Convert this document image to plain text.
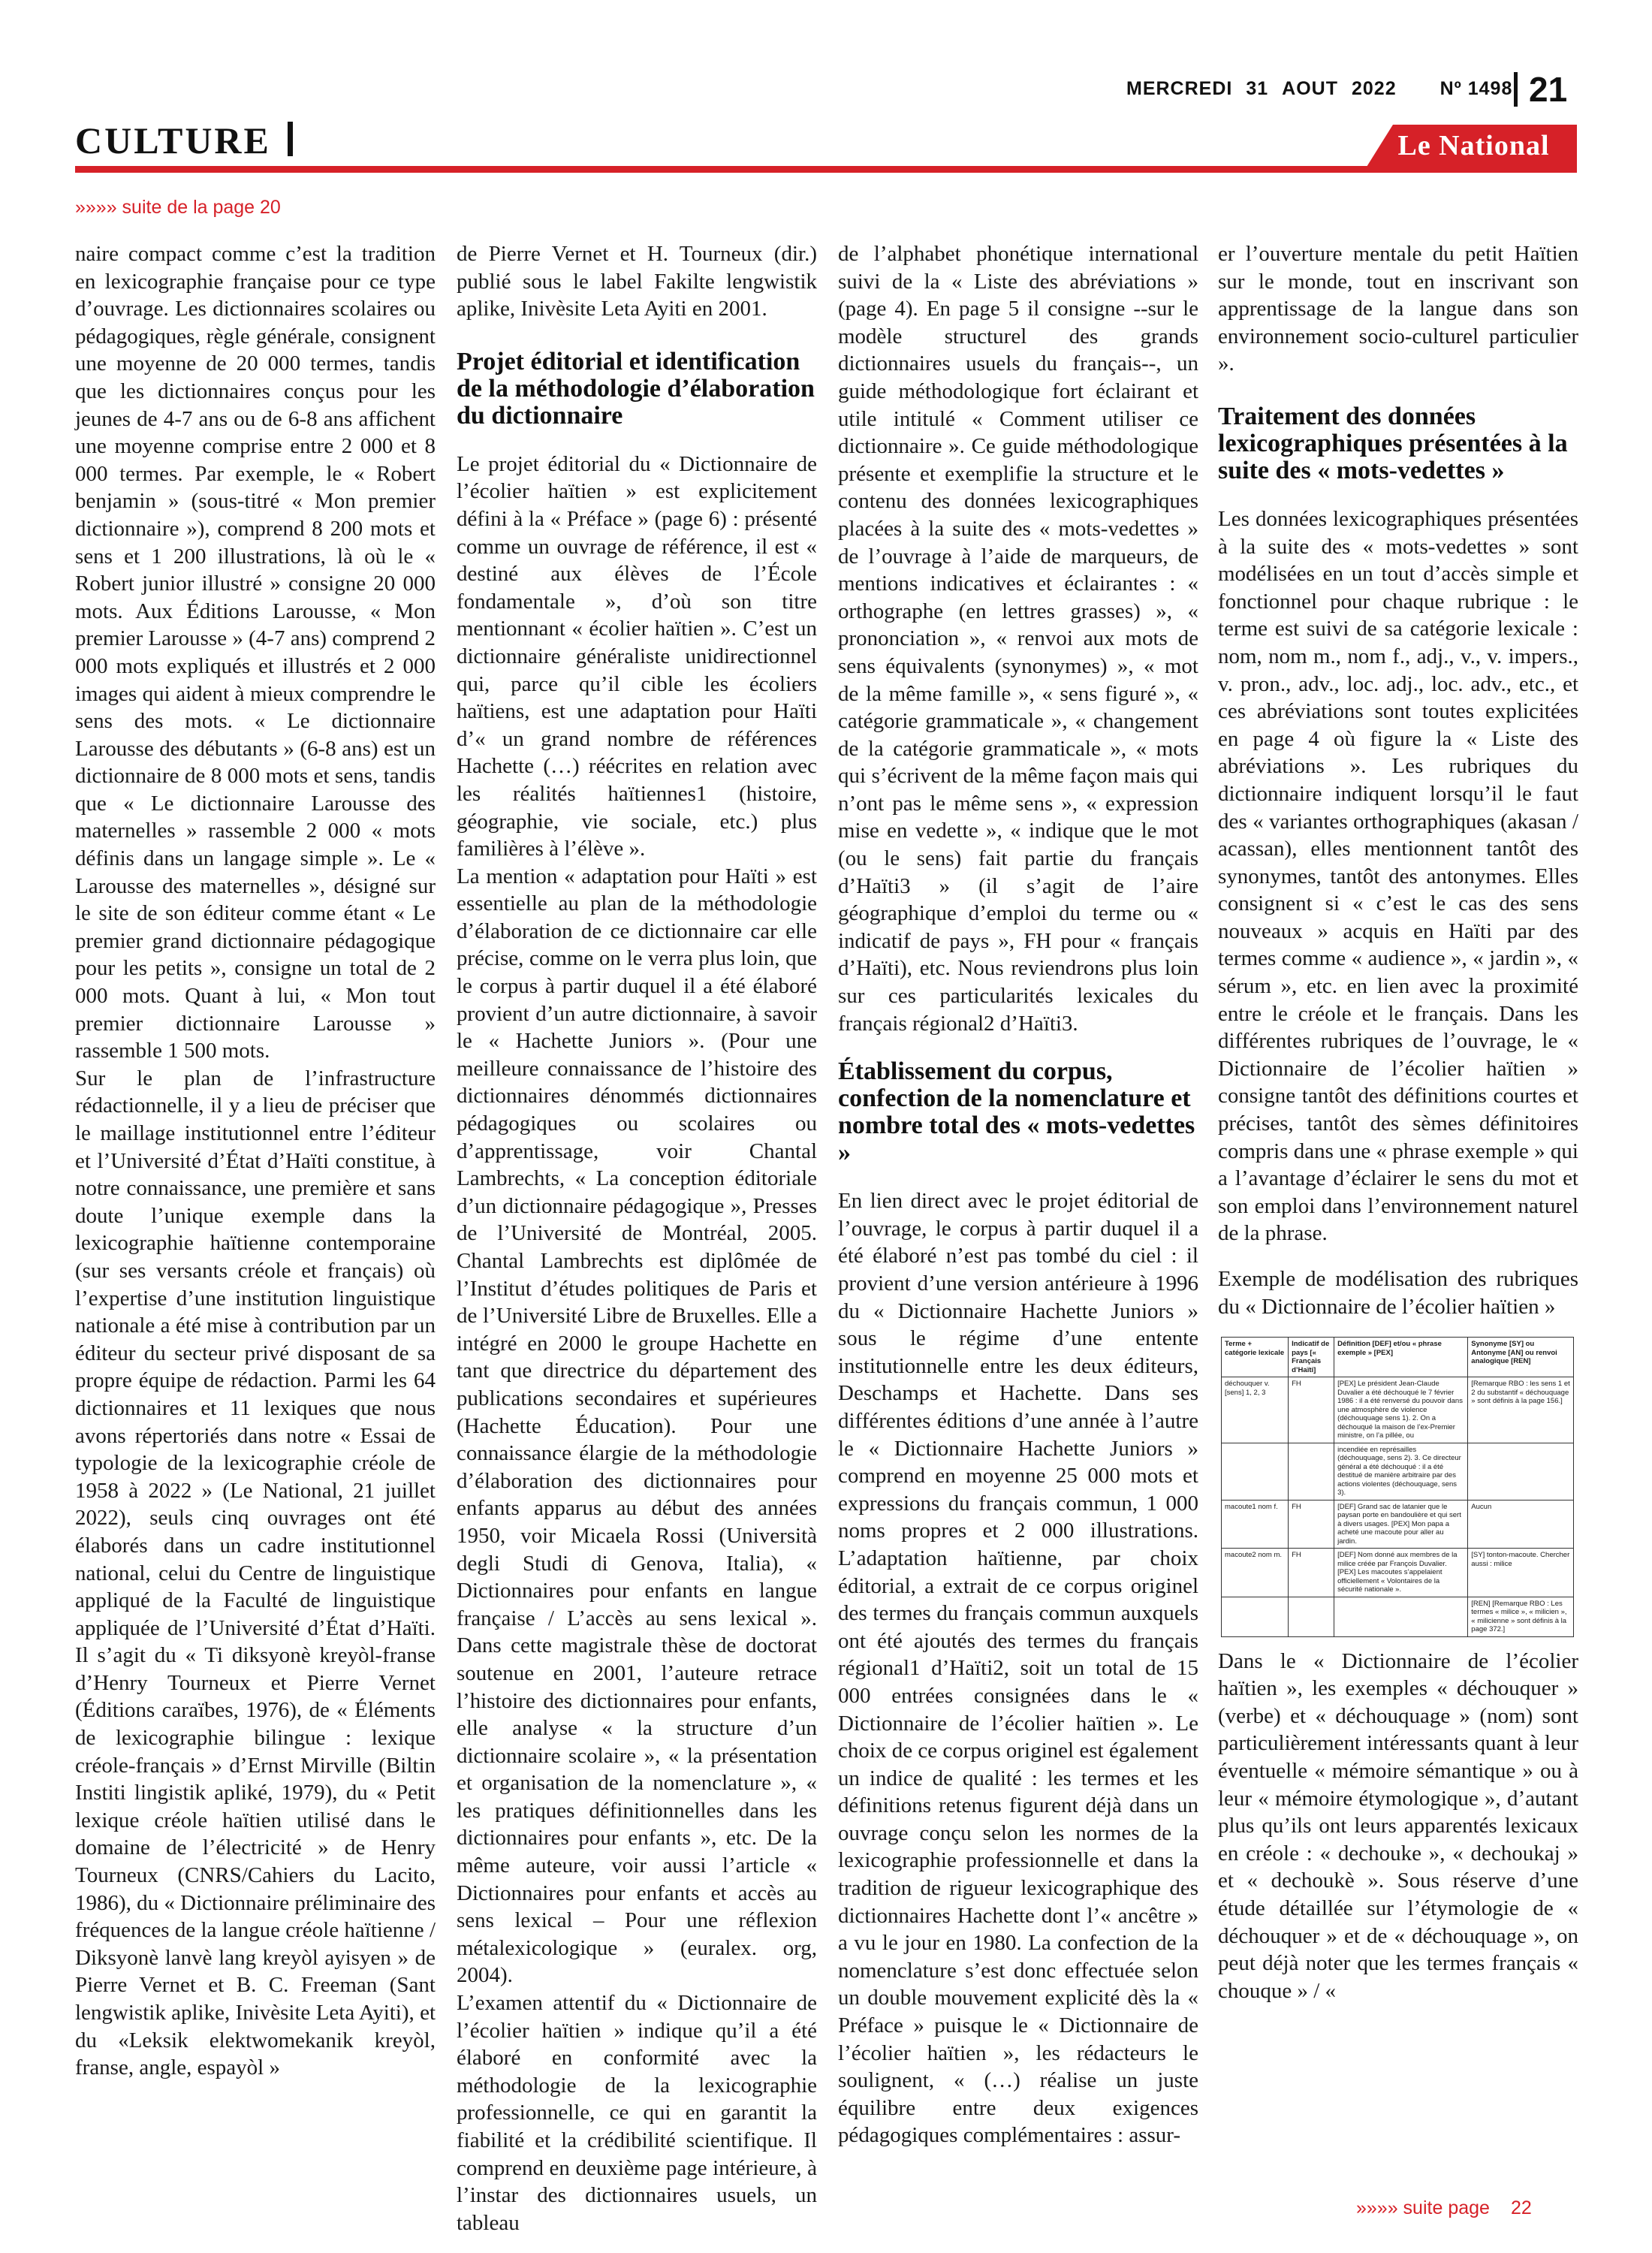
MERCREDI 31 AOUT 2022 Nº 1498 21
CULTURE	Le National
»»»» suite de la page 20

naire compact comme c’est la tradition en lexicographie française pour ce type d’ouvrage. Les dictionnaires scolaires ou pédagogiques, règle générale, consignent une moyenne de 20 000 termes, tandis que les dictionnaires conçus pour les jeunes de 4-7 ans ou de 6-8 ans affichent une moyenne comprise entre 2 000 et 8 000 termes. Par exemple, le « Robert benjamin » (sous-titré « Mon premier dictionnaire »), comprend 8 200 mots et sens et 1 200 illustrations, là où le « Robert junior illustré » consigne 20 000 mots. Aux Éditions Larousse, « Mon premier Larousse » (4-7 ans) comprend 2 000 mots expliqués et illustrés et 2 000 images qui aident à mieux comprendre le sens des mots. « Le dictionnaire Larousse des débutants » (6-8 ans) est un dictionnaire de 8 000 mots et sens, tandis que « Le dictionnaire Larousse des maternelles » rassemble 2 000 « mots définis dans un langage simple ». Le « Larousse des maternelles », désigné sur le site de son éditeur comme étant « Le premier grand dictionnaire pédagogique pour les petits », consigne un total de 2 000 mots. Quant à lui, « Mon tout premier dictionnaire Larousse » rassemble 1 500 mots.

Sur le plan de l’infrastructure rédactionnelle, il y a lieu de préciser que le maillage institutionnel entre l’éditeur et l’Université d’État d’Haïti constitue, à notre connaissance, une première et sans doute l’unique exemple dans la lexicographie haïtienne contemporaine (sur ses versants créole et français) où l’expertise d’une institution linguistique nationale a été mise à contribution par un éditeur du secteur privé disposant de sa propre équipe de rédaction. Parmi les 64 dictionnaires et 11 lexiques que nous avons répertoriés dans notre « Essai de typologie de la lexicographie créole de 1958 à 2022 » (Le National, 21 juillet 2022), seuls cinq ouvrages ont été élaborés dans un cadre institutionnel national, celui du Centre de linguistique appliqué de la Faculté de linguistique appliquée de l’Université d’État d’Haïti. Il s’agit du « Ti diksyonè kreyòl-franse d’Henry Tourneux et Pierre Vernet (Éditions caraïbes, 1976), de « Éléments de lexicographie bilingue : lexique créole-français » d’Ernst Mirville (Biltin Institi lingistik apliké, 1979), du « Petit lexique créole haïtien utilisé dans le domaine de l’électricité » de Henry Tourneux (CNRS/Cahiers du Lacito, 1986), du « Dictionnaire préliminaire des fréquences de la langue créole haïtienne / Diksyonè lanvè lang kreyòl ayisyen » de Pierre Vernet et B. C. Freeman (Sant lengwistik aplike, Inivèsite Leta Ayiti), et du «Leksik elektwomekanik kreyòl, franse, angle, espayòl »

de Pierre Vernet et H. Tourneux (dir.) publié sous le label Fakilte lengwistik aplike, Inivèsite Leta Ayiti en 2001.

Projet éditorial et identification de la méthodologie d’élaboration du dictionnaire

Le projet éditorial du « Dictionnaire de l’écolier haïtien » est explicitement défini à la « Préface » (page 6) : présenté comme un ouvrage de référence, il est « destiné aux élèves de l’École fondamentale », d’où son titre mentionnant « écolier haïtien ». C’est un dictionnaire généraliste unidirectionnel qui, parce qu’il cible les écoliers haïtiens, est une adaptation pour Haïti d’« un grand nombre de références Hachette (…) réécrites en relation avec les réalités haïtiennes1 (histoire, géographie, vie sociale, etc.) plus familières à l’élève ».

La mention « adaptation pour Haïti » est essentielle au plan de la méthodologie d’élaboration de ce dictionnaire car elle précise, comme on le verra plus loin, que le corpus à partir duquel il a été élaboré provient d’un autre dictionnaire, à savoir le « Hachette Juniors ». (Pour une meilleure connaissance de l’histoire des dictionnaires dénommés dictionnaires pédagogiques ou scolaires ou d’apprentissage, voir Chantal Lambrechts, « La conception éditoriale d’un dictionnaire pédagogique », Presses de l’Université de Montréal, 2005. Chantal Lambrechts est diplômée de l’Institut d’études politiques de Paris et de l’Université Libre de Bruxelles. Elle a intégré en 2000 le groupe Hachette en tant que directrice du département des publications secondaires et supérieures (Hachette Éducation). Pour une connaissance élargie de la méthodologie d’élaboration des dictionnaires pour enfants apparus au début des années 1950, voir Micaela Rossi (Università degli Studi di Genova, Italia), « Dictionnaires pour enfants en langue française / L’accès au sens lexical ». Dans cette magistrale thèse de doctorat soutenue en 2001, l’auteure retrace l’histoire des dictionnaires pour enfants, elle analyse « la structure d’un dictionnaire scolaire », « la présentation et organisation de la nomenclature », « les pratiques définitionnelles dans les dictionnaires pour enfants », etc. De la même auteure, voir aussi l’article « Dictionnaires pour enfants et accès au sens lexical – Pour une réflexion métalexicologique » (euralex. org, 2004).

L’examen attentif du « Dictionnaire de l’écolier haïtien » indique qu’il a été élaboré en conformité avec la méthodologie de la lexicographie professionnelle, ce qui en garantit la fiabilité et la crédibilité scientifique. Il comprend en deuxième page intérieure, à l’instar des dictionnaires usuels, un tableau

de l’alphabet phonétique international suivi de la « Liste des abréviations » (page 4). En page 5 il consigne --sur le modèle structurel des grands dictionnaires usuels du français--, un guide méthodologique fort éclairant et utile intitulé « Comment utiliser ce dictionnaire ». Ce guide méthodologique présente et exemplifie la structure et le contenu des données lexicographiques placées à la suite des « mots-vedettes » de l’ouvrage à l’aide de marqueurs, de mentions indicatives et éclairantes : « orthographe (en lettres grasses) », « prononciation », « renvoi aux mots de sens équivalents (synonymes) », « mot de la même famille », « sens figuré », « catégorie grammaticale », « changement de la catégorie grammaticale », « mots qui s’écrivent de la même façon mais qui n’ont pas le même sens », « expression mise en vedette », « indique que le mot (ou le sens) fait partie du français d’Haïti3 » (il s’agit de l’aire géographique d’emploi du terme ou « indicatif de pays », FH pour « français d’Haïti), etc. Nous reviendrons plus loin sur ces particularités lexicales du français régional2 d’Haïti3.

Établissement du corpus, confection de la nomenclature et nombre total des « mots-vedettes »

En lien direct avec le projet éditorial de l’ouvrage, le corpus à partir duquel il a été élaboré n’est pas tombé du ciel : il provient d’une version antérieure à 1996 du « Dictionnaire Hachette Juniors » sous le régime d’une entente institutionnelle entre les deux éditeurs, Deschamps et Hachette. Dans ses différentes éditions d’une année à l’autre le « Dictionnaire Hachette Juniors » comprend en moyenne 25 000 mots et expressions du français commun, 1 000 noms propres et 2 000 illustrations. L’adaptation haïtienne, par choix éditorial, a extrait de ce corpus originel des termes du français commun auxquels ont été ajoutés des termes du français régional1 d’Haïti2, soit un total de 15 000 entrées consignées dans le « Dictionnaire de l’écolier haïtien ». Le choix de ce corpus originel est également un indice de qualité : les termes et les définitions retenus figurent déjà dans un ouvrage conçu selon les normes de la lexicographie professionnelle et dans la tradition de rigueur lexicographique des dictionnaires Hachette dont l’« ancêtre » a vu le jour en 1980. La confection de la nomenclature s’est donc effectuée selon un double mouvement explicité dès la « Préface » puisque le « Dictionnaire de l’écolier haïtien », les rédacteurs le soulignent, « (…) réalise un juste équilibre entre deux exigences pédagogiques complémentaires : assur-

er l’ouverture mentale du petit Haïtien sur le monde, tout en inscrivant son apprentissage de la langue dans son environnement socio-culturel particulier ».

Traitement des données lexicographiques présentées à la suite des « mots-vedettes »

Les données lexicographiques présentées à la suite des « mots-vedettes » sont modélisées en un tout d’accès simple et fonctionnel pour chaque rubrique : le terme est suivi de sa catégorie lexicale : nom, nom m., nom f., adj., v., v. impers., v. pron., adv., loc. adj., loc. adv., etc., et ces abréviations sont toutes explicitées en page 4 où figure la « Liste des abréviations ». Les rubriques du dictionnaire indiquent lorsqu’il le faut des « variantes orthographiques (akasan / acassan), elles mentionnent tantôt des synonymes, tantôt des antonymes. Elles consignent si « c’est le cas des sens nouveaux » acquis en Haïti par des termes comme « audience », « jardin », « sérum », etc. en lien avec la proximité entre le créole et le français. Dans les différentes rubriques de l’ouvrage, le « Dictionnaire de l’écolier haïtien » consigne tantôt des définitions courtes et précises, tantôt des sèmes définitoires compris dans une « phrase exemple » qui a l’avantage d’éclairer le sens du mot et son emploi dans l’environnement naturel de la phrase.

Exemple de modélisation des rubriques du « Dictionnaire de l’écolier haïtien »

Terme + catégorie lexicale	Indicatif de pays [« Français d’Haïti]	Définition [DEF] et/ou « phrase exemple » [PEX]	Synonyme [SY] ou Antonyme [AN] ou renvoi analogique [REN]
déchouquer v. [sens] 1, 2, 3	FH	[PEX] Le président Jean-Claude Duvalier a été déchouqué le 7 février 1986 : il a été renversé du pouvoir dans une atmosphère de violence (déchouquage sens 1). 2. On a déchouqué la maison de l’ex-Premier ministre, on l’a pillée, ou	[Remarque RBO : les sens 1 et 2 du substantif « déchouquage » sont définis à la page 156.]
		incendiée en représailles (déchouquage, sens 2). 3. Ce directeur général a été déchouqué : il a été destitué de manière arbitraire par des actions violentes (déchouquage, sens 3).	
macoute1 nom f.	FH	[DEF] Grand sac de latanier que le paysan porte en bandoulière et qui sert à divers usages. [PEX] Mon papa a acheté une macoute pour aller au jardin.	Aucun
macoute2 nom m.	FH	[DEF] Nom donné aux membres de la milice créée par François Duvalier. [PEX] Les macoutes s’appelaient officiellement « Volontaires de la sécurité nationale ».	[SY] tonton-macoute. Chercher aussi : milice
			[REN] [Remarque RBO : Les termes « milice », « milicien », « milicienne » sont définis à la page 372.]

Dans le « Dictionnaire de l’écolier haïtien », les exemples « déchouquer » (verbe) et « déchouquage » (nom) sont particulièrement intéressants quant à leur éventuelle « mémoire sémantique » ou à leur « mémoire étymologique », d’autant plus qu’ils ont leurs apparentés lexicaux en créole : « dechouke », « dechoukaj » et « dechoukè ». Sous réserve d’une étude détaillée sur l’étymologie de « déchouquer » et de « déchouquage », on peut déjà noter que les termes français « chouque » / «

»»»» suite page 22
